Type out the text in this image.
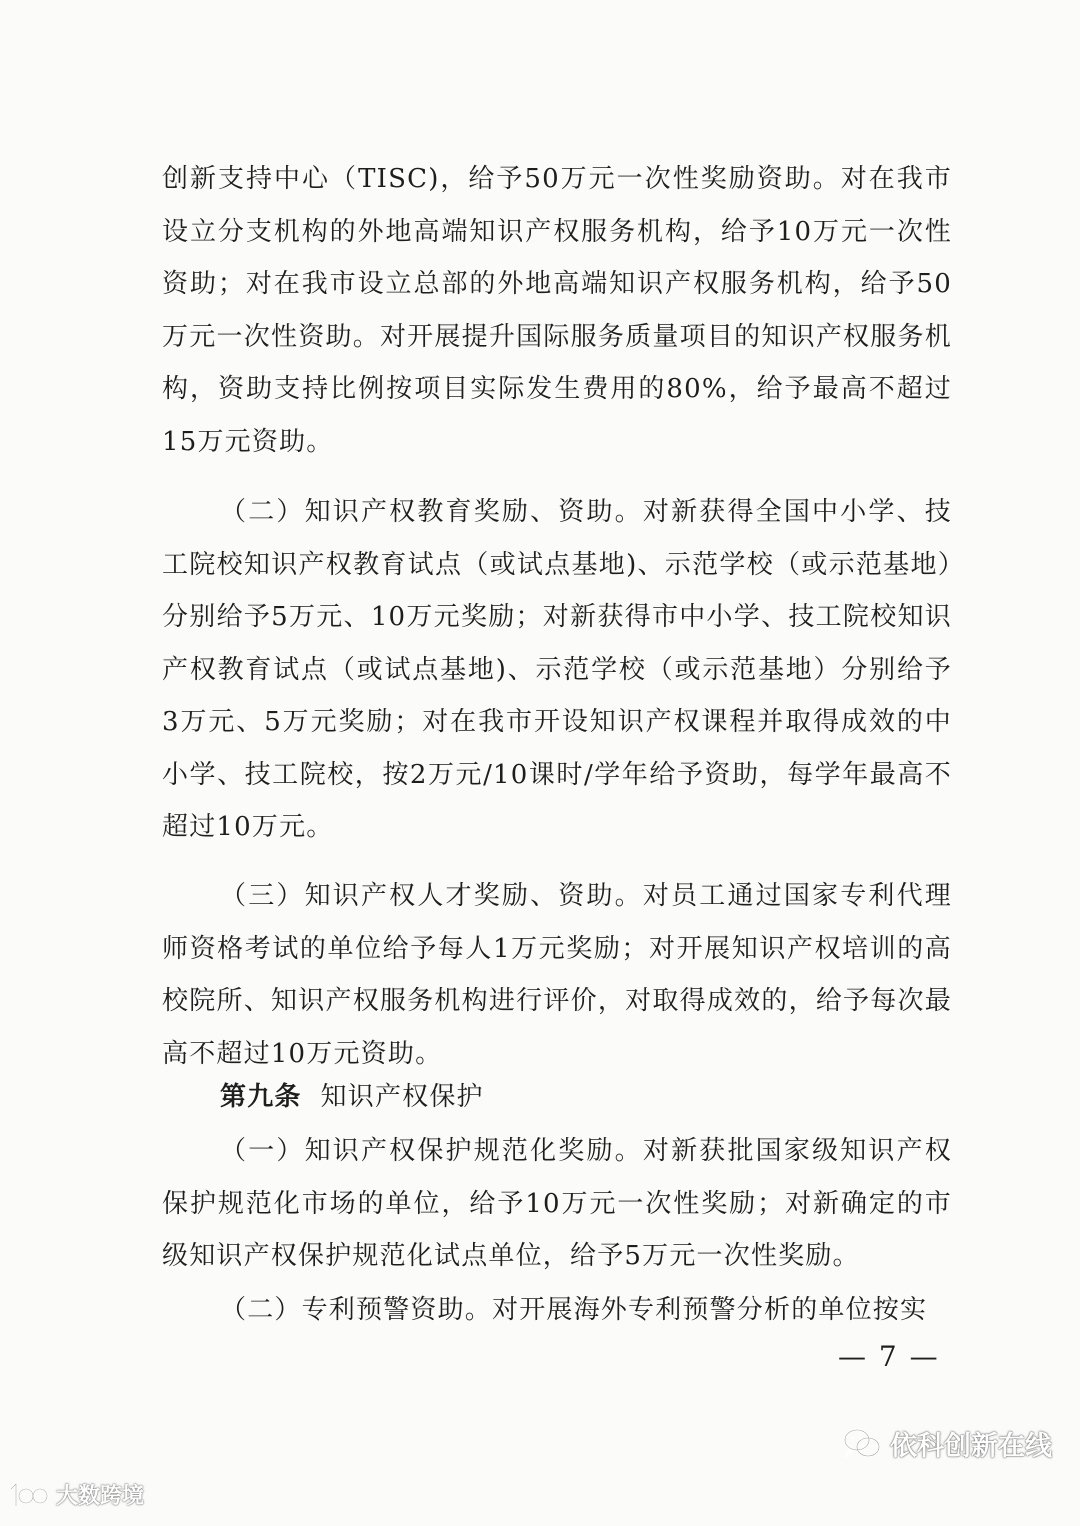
创新支持中心（TISC)，给予50万元一次性奖励资助。对在我市设立分支机构的外地高端知识产权服务机构，给予10万元一次性资助；对在我市设立总部的外地高端知识产权服务机构，给予50万元一次性资助。对开展提升国际服务质量项目的知识产权服务机构，资助支持比例按项目实际发生费用的80%，给予最高不超过15万元资助。

（二）知识产权教育奖励、资助。对新获得全国中小学、技工院校知识产权教育试点（或试点基地)、示范学校（或示范基地）分别给予5万元、10万元奖励；对新获得市中小学、技工院校知识产权教育试点（或试点基地)、示范学校（或示范基地）分别给予3万元、5万元奖励；对在我市开设知识产权课程并取得成效的中小学、技工院校，按2万元/10课时/学年给予资助，每学年最高不超过10万元。

（三）知识产权人才奖励、资助。对员工通过国家专利代理师资格考试的单位给予每人1万元奖励；对开展知识产权培训的高校院所、知识产权服务机构进行评价，对取得成效的，给予每次最高不超过10万元资助。

第九条 知识产权保护

（一）知识产权保护规范化奖励。对新获批国家级知识产权保护规范化市场的单位，给予10万元一次性奖励；对新确定的市级知识产权保护规范化试点单位，给予5万元一次性奖励。

（二）专利预警资助。对开展海外专利预警分析的单位按实

— 7 —
大数跨境
依科创新在线
